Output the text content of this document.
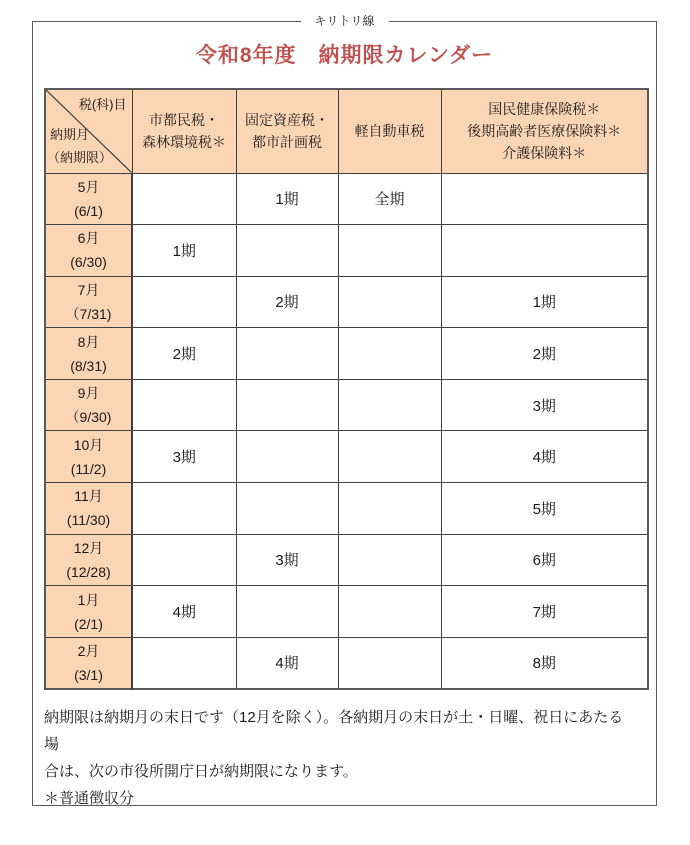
キリトリ線
令和8年度　納期限カレンダー
税(科)目
納期月
（納期限）

市都民税・
森林環境税＊

固定資産税・
都市計画税

軽自動車税

国民健康保険税＊
後期高齢者医療保険料＊
介護保険料＊

5月
(6/1)		1期	全期	

6月
(6/30)	1期			

7月
（7/31)		2期		1期

8月
(8/31)	2期			2期

9月
（9/30)				3期

10月
(11/2)	3期			4期

11月
(11/30)				5期

12月
(12/28)		3期		6期

1月
(2/1)	4期			7期

2月
(3/1)		4期		8期
納期限は納期月の末日です（12月を除く）。各納期月の末日が土・日曜、祝日にあたる場
合は、次の市役所開庁日が納期限になります。
＊普通徴収分
